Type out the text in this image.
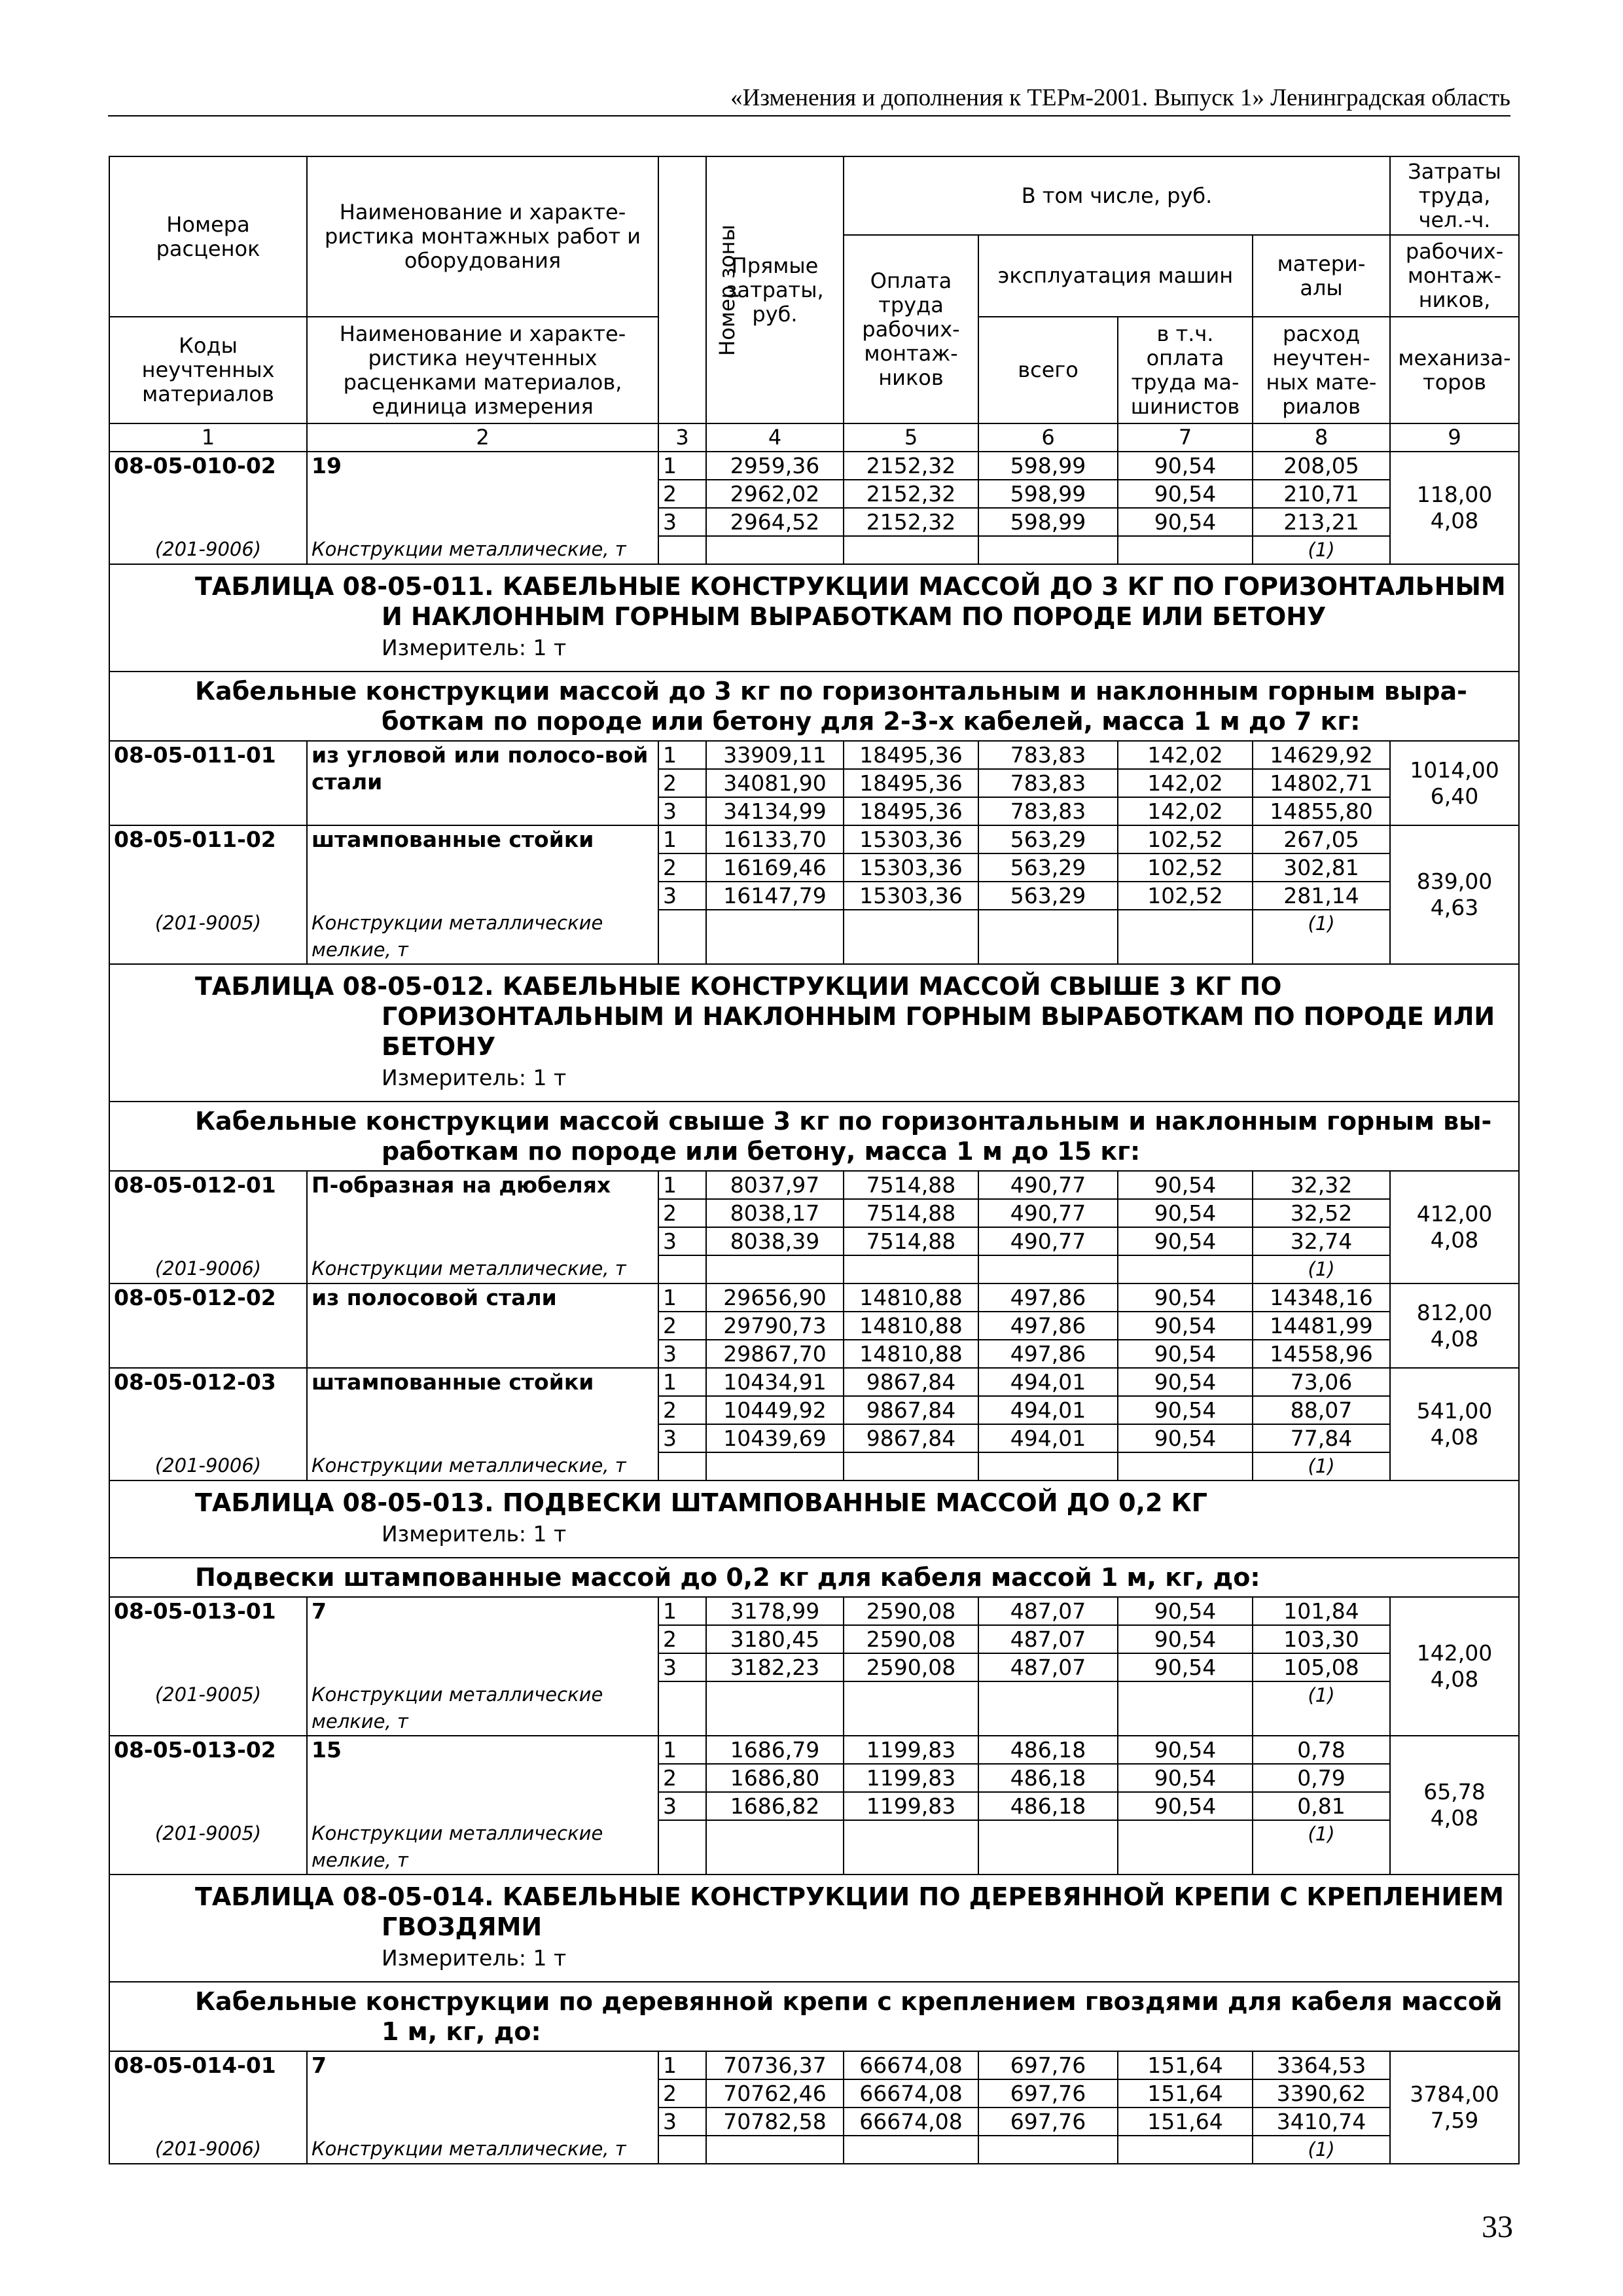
«Изменения и дополнения к ТЕРм-2001. Выпуск 1» Ленинградская область
Номера расценок	Наименование и характе-ристика монтажных работ и оборудования	Номер зоны	Прямые затраты, руб.	В том числе, руб.				Затраты труда, чел.-ч.
				Оплата труда рабочих-монтаж-ников	эксплуатация машин		матери-алы	рабочих-монтаж-ников,
Коды неучтенных материалов	Наименование и характе-ристика неучтенных расценками материалов, единица измерения				всего	в т.ч. оплата труда ма-шинистов	расход неучтен-ных мате-риалов	механиза-торов
1	2	3	4	5	6	7	8	9
08-05-010-02	19	1	2959,36	2152,32	598,99	90,54	208,05	118,00
4,08

		2	2962,02	2152,32	598,99	90,54	210,71	
		3	2964,52	2152,32	598,99	90,54	213,21	
(201-9006)	Конструкции металлические, т						(1)	

ТАБЛИЦА 08-05-011. КАБЕЛЬНЫЕ КОНСТРУКЦИИ МАССОЙ ДО 3 КГ ПО ГОРИЗОНТАЛЬНЫМ
И НАКЛОННЫМ ГОРНЫМ ВЫРАБОТКАМ ПО ПОРОДЕ ИЛИ БЕТОНУ
Измеритель: 1 т								

Кабельные конструкции массой до 3 кг по горизонтальным и наклонным горным выра-
боткам по породе или бетону для 2-3-х кабелей, масса 1 м до 7 кг:								

08-05-011-01	из угловой или полосо-вой стали	1	33909,11	18495,36	783,83	142,02	14629,92	1014,00
6,40

		2	34081,90	18495,36	783,83	142,02	14802,71	
		3	34134,99	18495,36	783,83	142,02	14855,80	
08-05-011-02	штампованные стойки	1	16133,70	15303,36	563,29	102,52	267,05	839,00
4,63

		2	16169,46	15303,36	563,29	102,52	302,81	
		3	16147,79	15303,36	563,29	102,52	281,14	
(201-9005)	Конструкции металлические мелкие, т						(1)	

ТАБЛИЦА 08-05-012. КАБЕЛЬНЫЕ КОНСТРУКЦИИ МАССОЙ СВЫШЕ 3 КГ ПО
ГОРИЗОНТАЛЬНЫМ И НАКЛОННЫМ ГОРНЫМ ВЫРАБОТКАМ ПО ПОРОДЕ ИЛИ БЕТОНУ
Измеритель: 1 т								

Кабельные конструкции массой свыше 3 кг по горизонтальным и наклонным горным вы-
работкам по породе или бетону, масса 1 м до 15 кг:								

08-05-012-01	П-образная на дюбелях	1	8037,97	7514,88	490,77	90,54	32,32	412,00
4,08

		2	8038,17	7514,88	490,77	90,54	32,52	
		3	8038,39	7514,88	490,77	90,54	32,74	
(201-9006)	Конструкции металлические, т						(1)	
08-05-012-02	из полосовой стали	1	29656,90	14810,88	497,86	90,54	14348,16	812,00
4,08

		2	29790,73	14810,88	497,86	90,54	14481,99	
		3	29867,70	14810,88	497,86	90,54	14558,96	
08-05-012-03	штампованные стойки	1	10434,91	9867,84	494,01	90,54	73,06	541,00
4,08

		2	10449,92	9867,84	494,01	90,54	88,07	
		3	10439,69	9867,84	494,01	90,54	77,84	
(201-9006)	Конструкции металлические, т						(1)	

ТАБЛИЦА 08-05-013. ПОДВЕСКИ ШТАМПОВАННЫЕ МАССОЙ ДО 0,2 КГ
Измеритель: 1 т								

Подвески штампованные массой до 0,2 кг для кабеля массой 1 м, кг, до:								

08-05-013-01	7	1	3178,99	2590,08	487,07	90,54	101,84	142,00
4,08

		2	3180,45	2590,08	487,07	90,54	103,30	
		3	3182,23	2590,08	487,07	90,54	105,08	
(201-9005)	Конструкции металлические мелкие, т						(1)	
08-05-013-02	15	1	1686,79	1199,83	486,18	90,54	0,78	65,78
4,08

		2	1686,80	1199,83	486,18	90,54	0,79	
		3	1686,82	1199,83	486,18	90,54	0,81	
(201-9005)	Конструкции металлические мелкие, т						(1)	

ТАБЛИЦА 08-05-014. КАБЕЛЬНЫЕ КОНСТРУКЦИИ ПО ДЕРЕВЯННОЙ КРЕПИ С КРЕПЛЕНИЕМ
ГВОЗДЯМИ
Измеритель: 1 т								

Кабельные конструкции по деревянной крепи с креплением гвоздями для кабеля массой
1 м, кг, до:								

08-05-014-01	7	1	70736,37	66674,08	697,76	151,64	3364,53	3784,00
7,59

		2	70762,46	66674,08	697,76	151,64	3390,62	
		3	70782,58	66674,08	697,76	151,64	3410,74	
(201-9006)	Конструкции металлические, т						(1)	
33
